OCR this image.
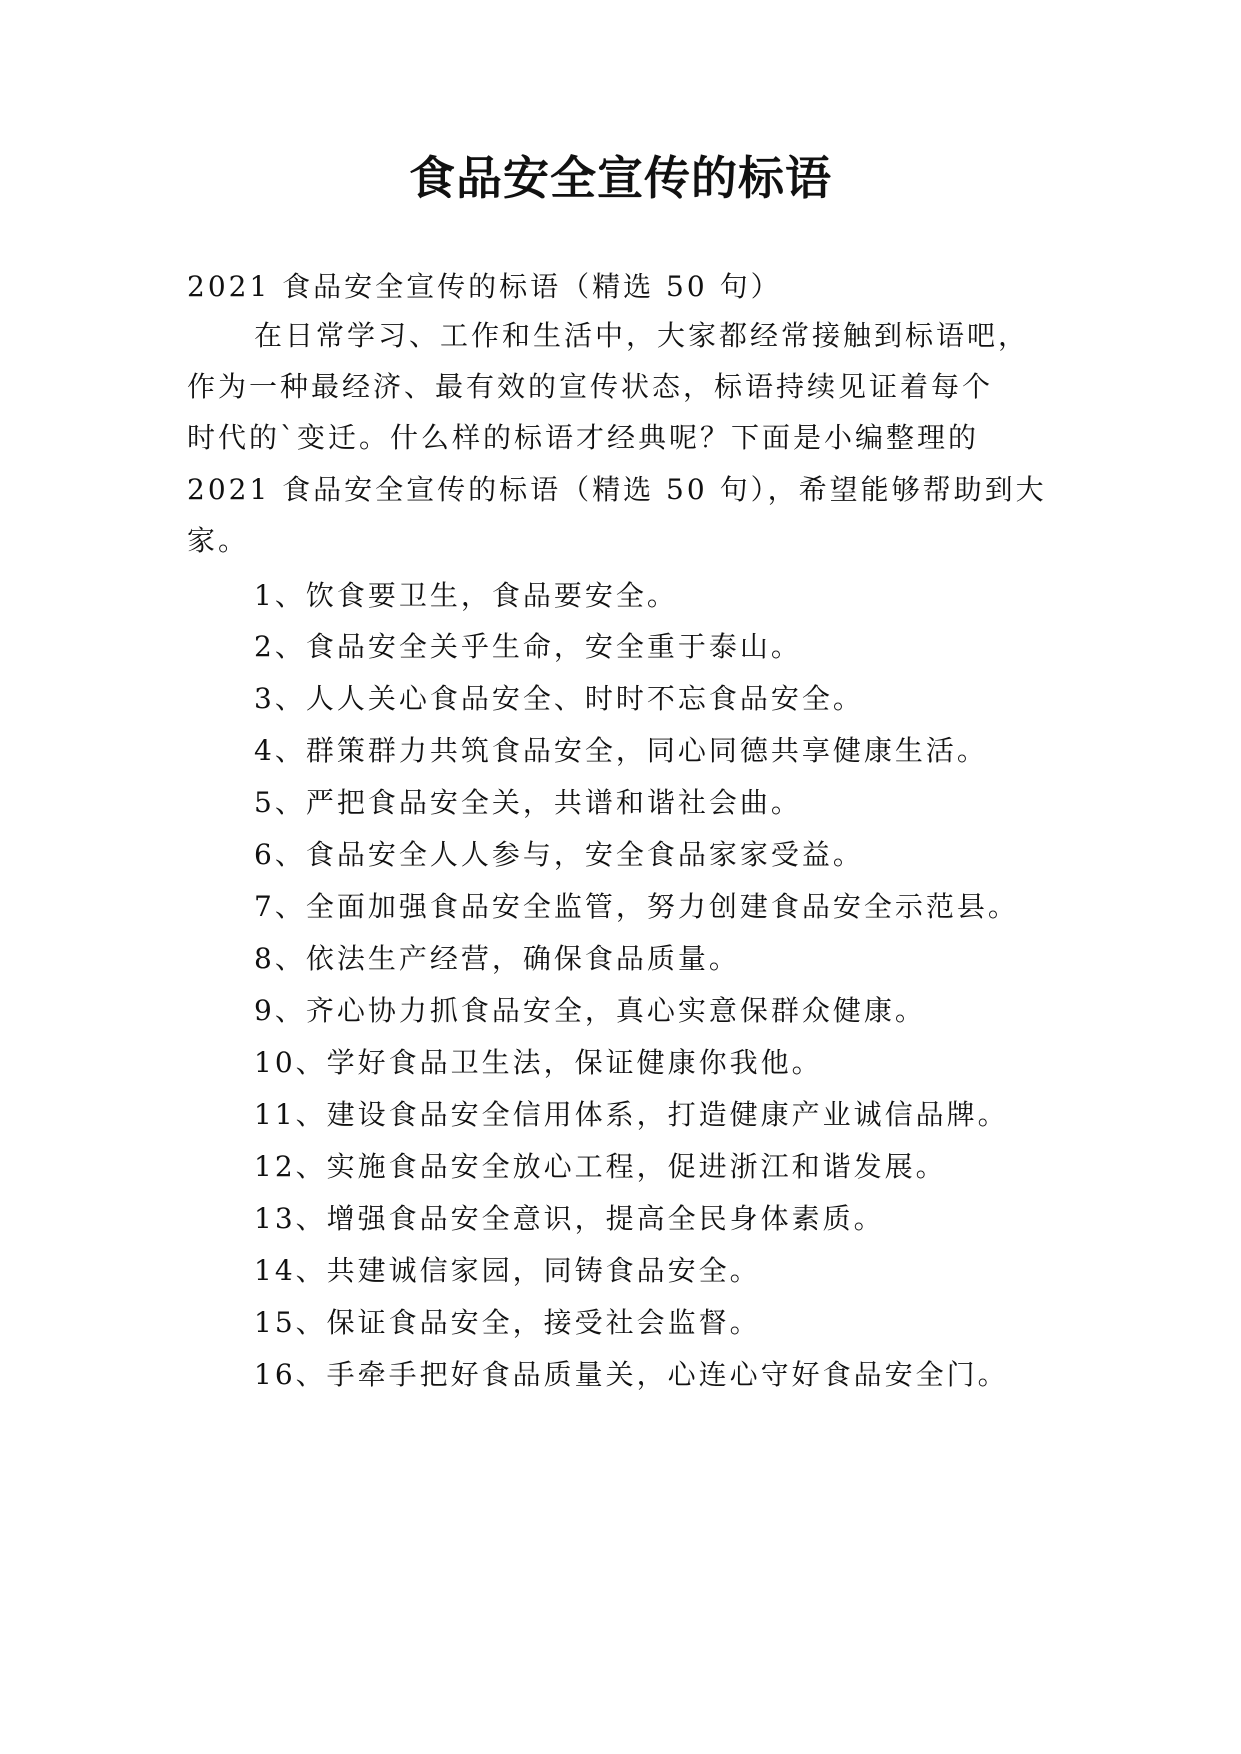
食品安全宣传的标语
2021 食品安全宣传的标语（精选 50 句）
在日常学习、工作和生活中，大家都经常接触到标语吧，
作为一种最经济、最有效的宣传状态，标语持续见证着每个
时代的`变迁。什么样的标语才经典呢？下面是小编整理的
2021 食品安全宣传的标语（精选 50 句），希望能够帮助到大
家。
1、饮食要卫生，食品要安全。
2、食品安全关乎生命，安全重于泰山。
3、人人关心食品安全、时时不忘食品安全。
4、群策群力共筑食品安全，同心同德共享健康生活。
5、严把食品安全关，共谱和谐社会曲。
6、食品安全人人参与，安全食品家家受益。
7、全面加强食品安全监管，努力创建食品安全示范县。
8、依法生产经营，确保食品质量。
9、齐心协力抓食品安全，真心实意保群众健康。
10、学好食品卫生法，保证健康你我他。
11、建设食品安全信用体系，打造健康产业诚信品牌。
12、实施食品安全放心工程，促进浙江和谐发展。
13、增强食品安全意识，提高全民身体素质。
14、共建诚信家园，同铸食品安全。
15、保证食品安全，接受社会监督。
16、手牵手把好食品质量关，心连心守好食品安全门。
